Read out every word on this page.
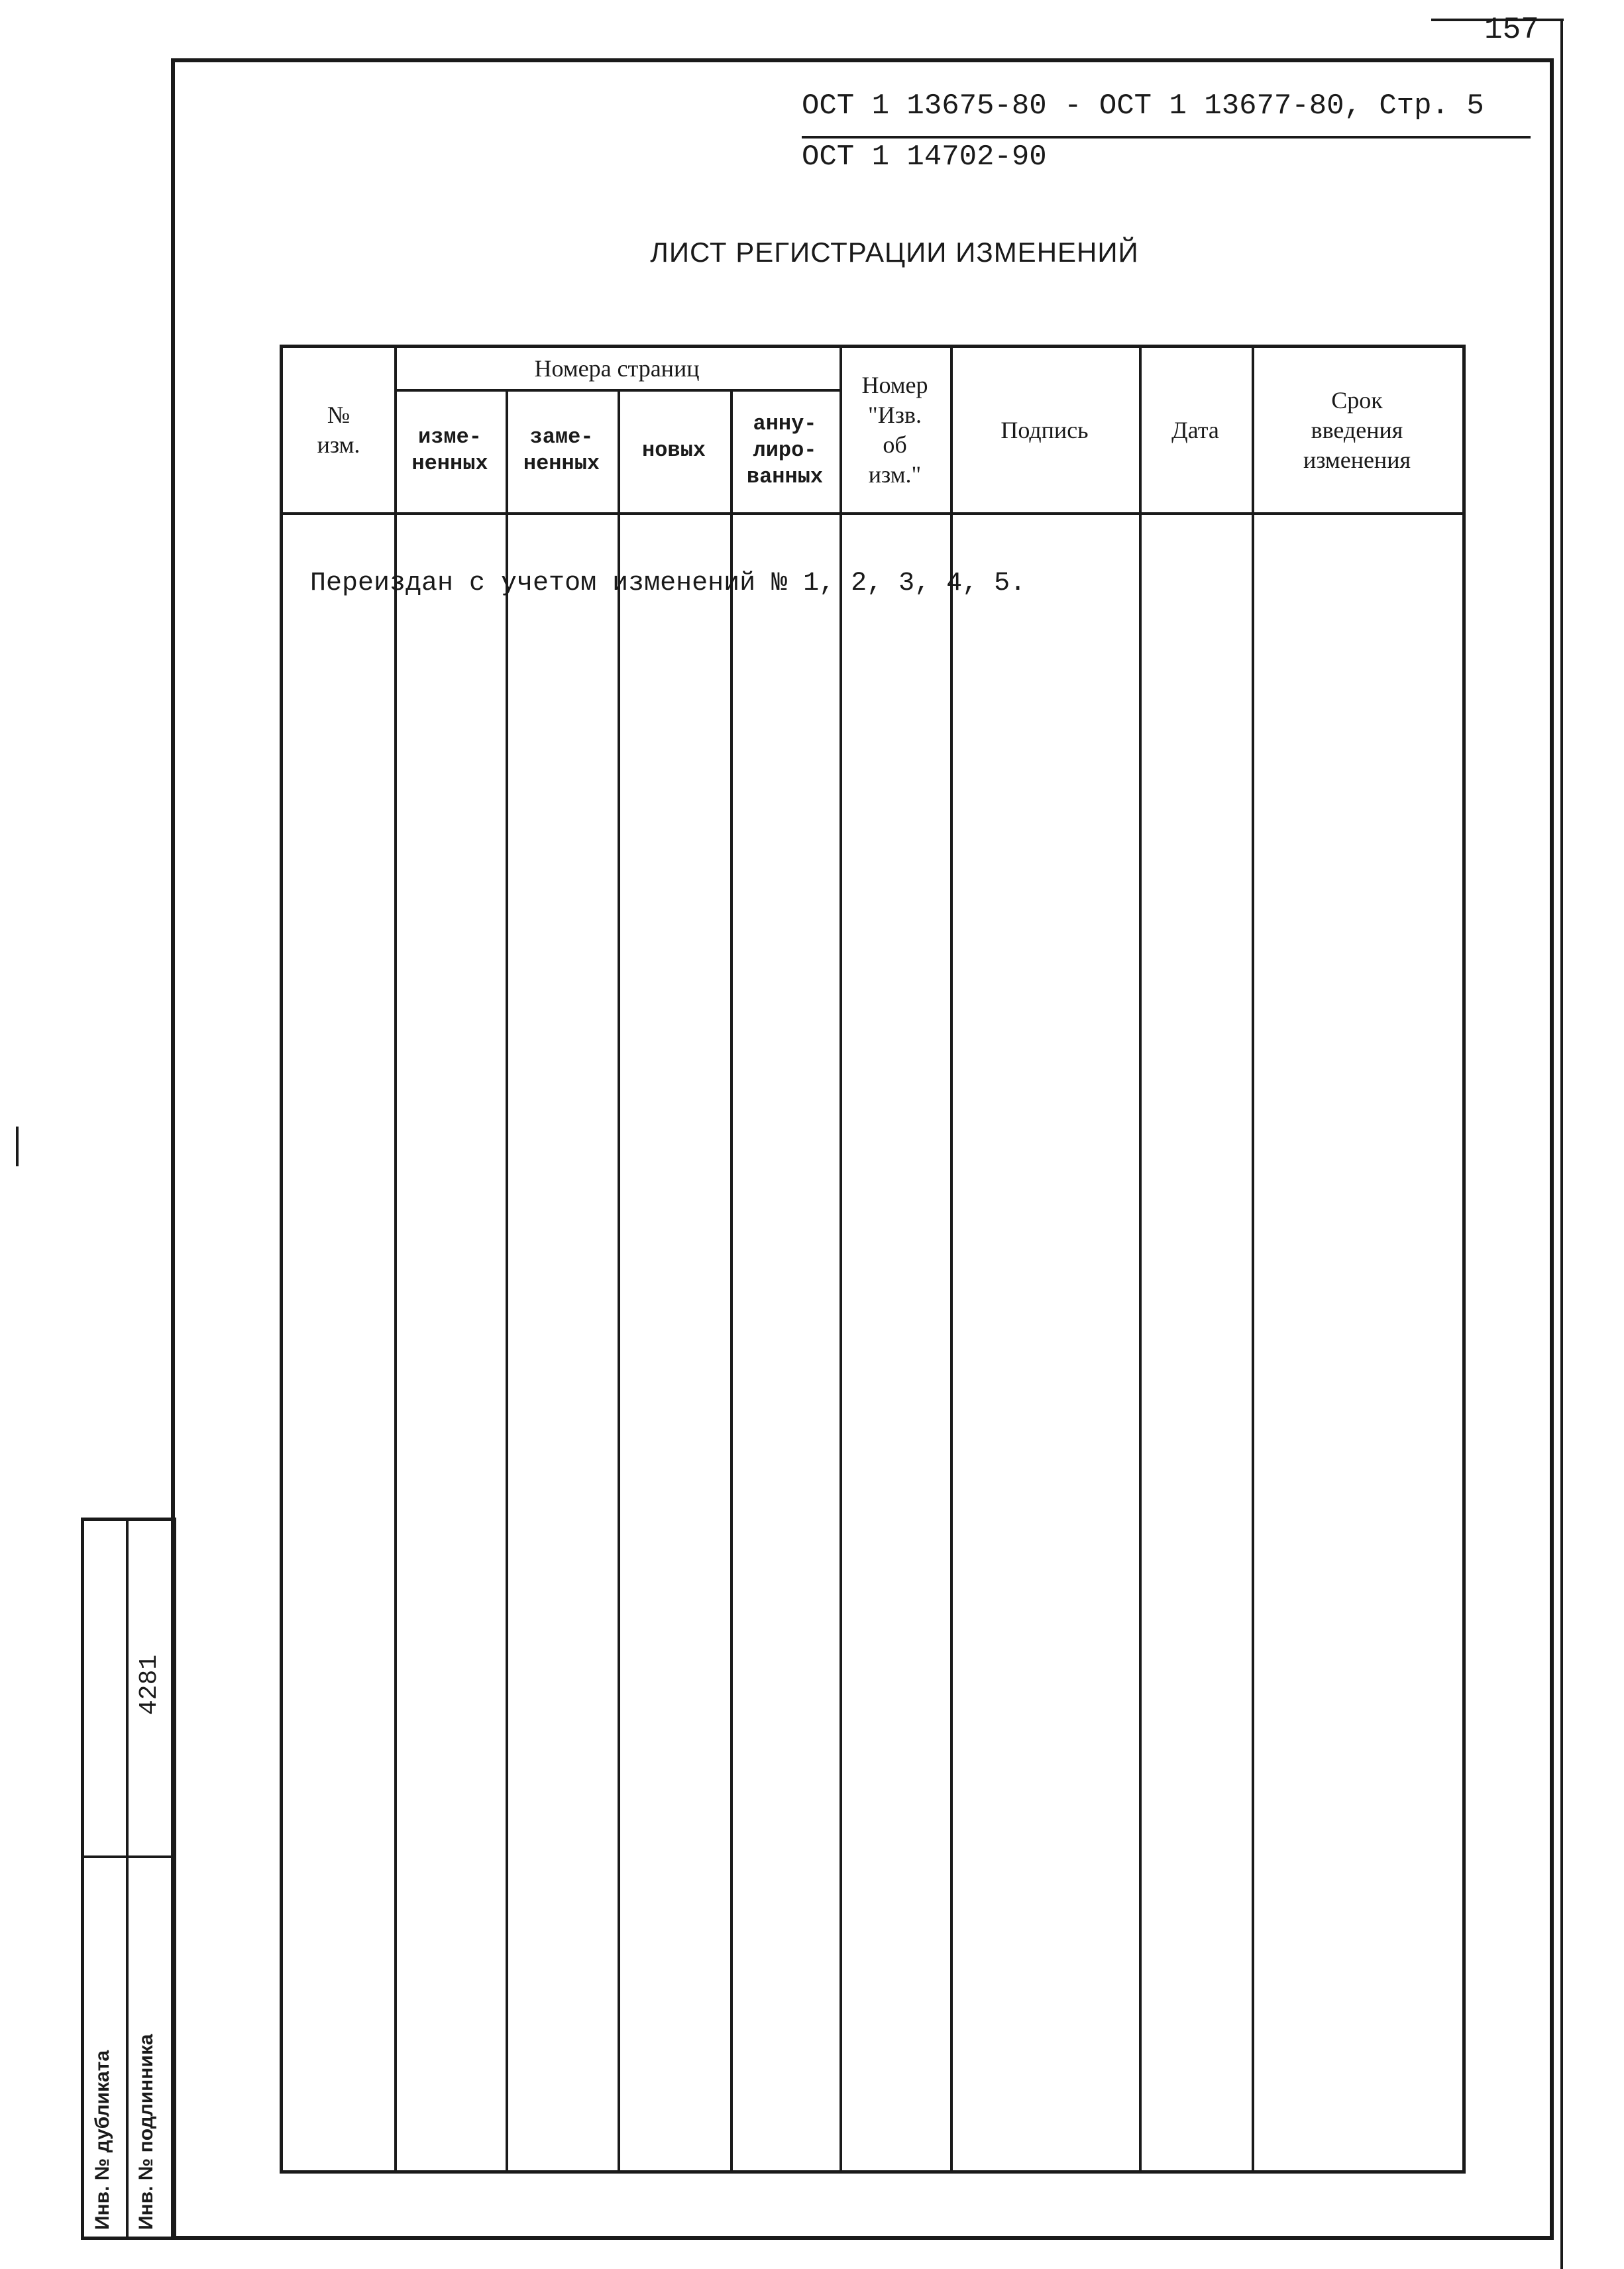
157
ОСТ 1 13675-80 - ОСТ 1 13677-80, Стр. 5
ОСТ 1 14702-90
ЛИСТ РЕГИСТРАЦИИ ИЗМЕНЕНИЙ
№
изм.
Номера страниц
изме-
ненных
заме-
ненных
новых
анну-
лиро-
ванных
Номер
"Изв.
об
изм."
Подпись	Дата
Срок
введения
изменения
Переиздан с учетом изменений № 1, 2, 3, 4, 5.
Инв. № дубликата Инв. № подлинника
4281
